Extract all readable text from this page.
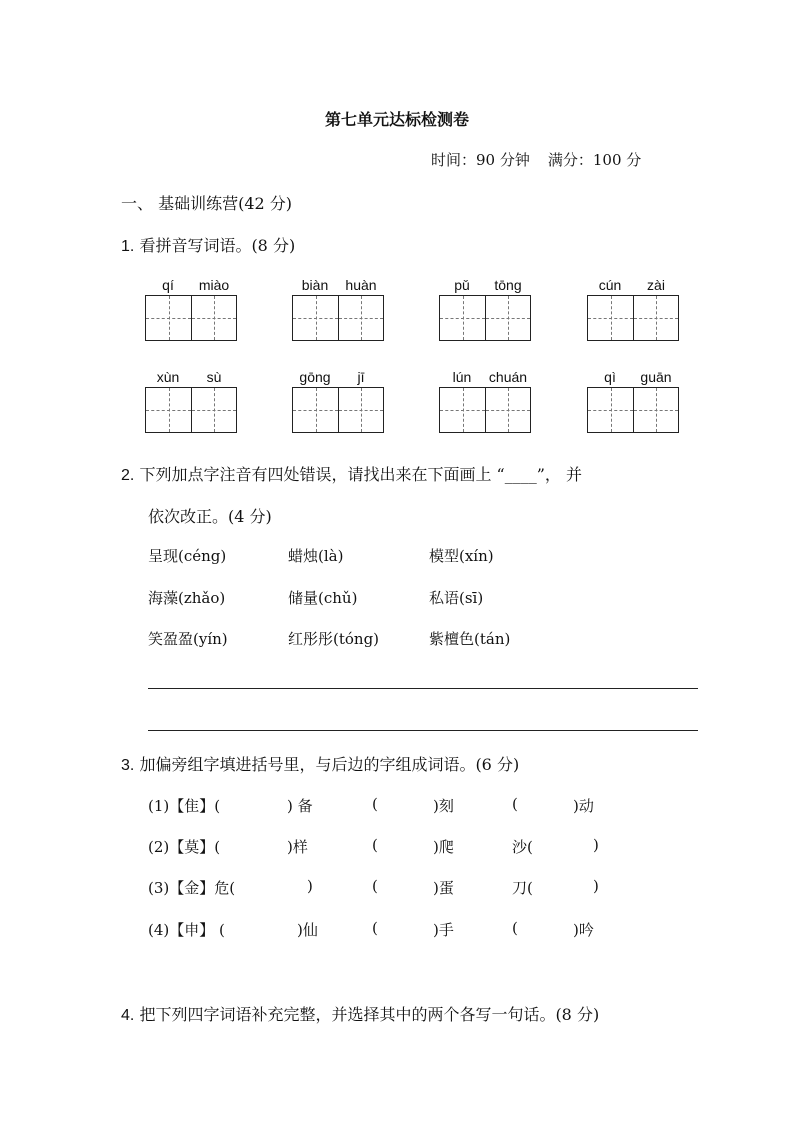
第七单元达标检测卷
时间：90 分钟 满分：100 分
一、 基础训练营(42 分)
1. 看拼音写词语。(8 分)
qí	miào	biàn	huàn	pǔ	tōng	cún	zài
xùn	sù	gōng	jī	lún	chuán	qì	guān
2. 下列加点字注音有四处错误，请找出来在下面画上 “____”， 并
依次改正。(4 分)
呈现(céng)	蜡烛(là)	模型(xín)
海藻(zhǎo)	储量(chǔ)	私语(sī)
笑盈盈(yín)	红彤彤(tóng)	紫檀色(tán)
3. 加偏旁组字填进括号里，与后边的字组成词语。(6 分)
(1)【隹】(	) 备	(	)刻	(	)动
(2)【莫】(	)样	(	)爬	沙(	)
(3)【金】危(	)	(	)蛋	刀(	)
(4)【申】 (	)仙	(	)手	(	)吟
4. 把下列四字词语补充完整，并选择其中的两个各写一句话。(8 分)
